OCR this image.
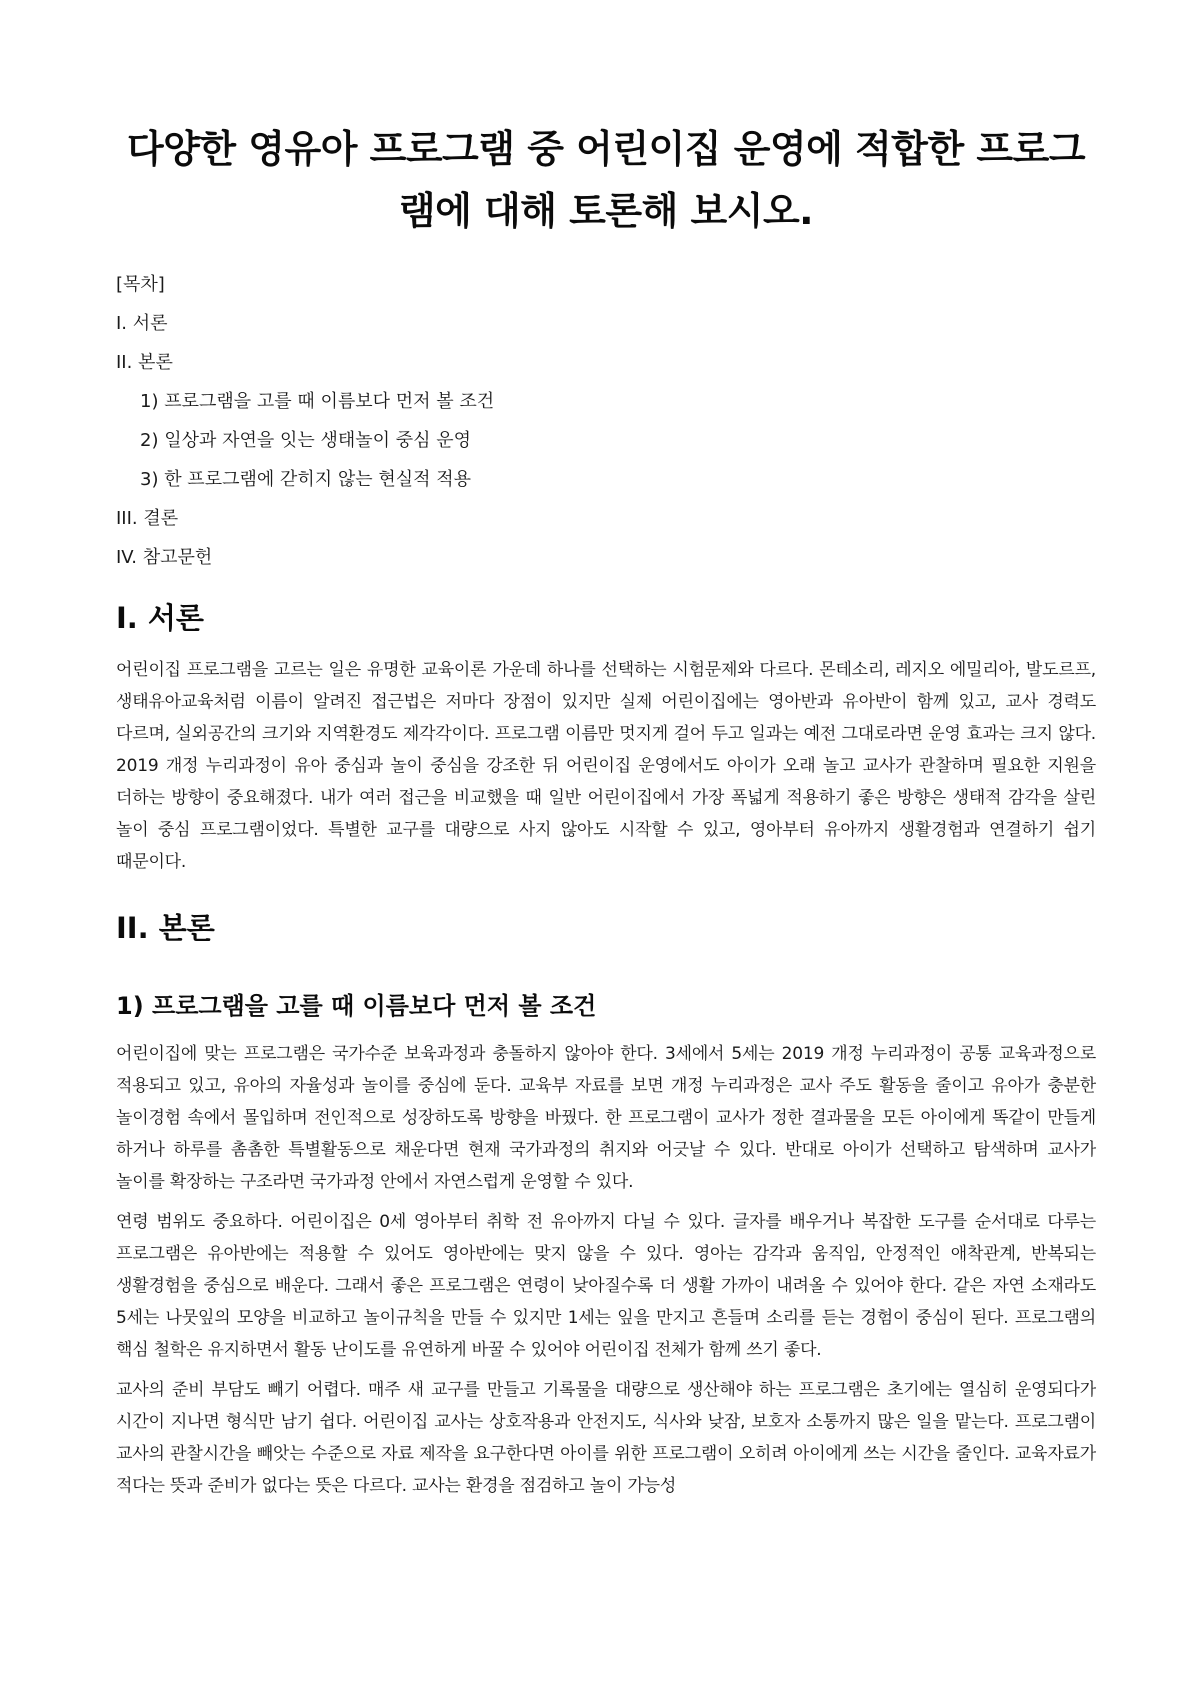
다양한 영유아 프로그램 중 어린이집 운영에 적합한 프로그램에 대해 토론해 보시오.
[목차]
I. 서론
II. 본론
1) 프로그램을 고를 때 이름보다 먼저 볼 조건
2) 일상과 자연을 잇는 생태놀이 중심 운영
3) 한 프로그램에 갇히지 않는 현실적 적용
III. 결론
IV. 참고문헌
I. 서론

어린이집 프로그램을 고르는 일은 유명한 교육이론 가운데 하나를 선택하는 시험문제와 다르다. 몬테소리, 레지오 에밀리아, 발도르프, 생태유아교육처럼 이름이 알려진 접근법은 저마다 장점이 있지만 실제 어린이집에는 영아반과 유아반이 함께 있고, 교사 경력도 다르며, 실외공간의 크기와 지역환경도 제각각이다. 프로그램 이름만 멋지게 걸어 두고 일과는 예전 그대로라면 운영 효과는 크지 않다. 2019 개정 누리과정이 유아 중심과 놀이 중심을 강조한 뒤 어린이집 운영에서도 아이가 오래 놀고 교사가 관찰하며 필요한 지원을 더하는 방향이 중요해졌다. 내가 여러 접근을 비교했을 때 일반 어린이집에서 가장 폭넓게 적용하기 좋은 방향은 생태적 감각을 살린 놀이 중심 프로그램이었다. 특별한 교구를 대량으로 사지 않아도 시작할 수 있고, 영아부터 유아까지 생활경험과 연결하기 쉽기 때문이다.

II. 본론
1) 프로그램을 고를 때 이름보다 먼저 볼 조건

어린이집에 맞는 프로그램은 국가수준 보육과정과 충돌하지 않아야 한다. 3세에서 5세는 2019 개정 누리과정이 공통 교육과정으로 적용되고 있고, 유아의 자율성과 놀이를 중심에 둔다. 교육부 자료를 보면 개정 누리과정은 교사 주도 활동을 줄이고 유아가 충분한 놀이경험 속에서 몰입하며 전인적으로 성장하도록 방향을 바꿨다. 한 프로그램이 교사가 정한 결과물을 모든 아이에게 똑같이 만들게 하거나 하루를 촘촘한 특별활동으로 채운다면 현재 국가과정의 취지와 어긋날 수 있다. 반대로 아이가 선택하고 탐색하며 교사가 놀이를 확장하는 구조라면 국가과정 안에서 자연스럽게 운영할 수 있다.

연령 범위도 중요하다. 어린이집은 0세 영아부터 취학 전 유아까지 다닐 수 있다. 글자를 배우거나 복잡한 도구를 순서대로 다루는 프로그램은 유아반에는 적용할 수 있어도 영아반에는 맞지 않을 수 있다. 영아는 감각과 움직임, 안정적인 애착관계, 반복되는 생활경험을 중심으로 배운다. 그래서 좋은 프로그램은 연령이 낮아질수록 더 생활 가까이 내려올 수 있어야 한다. 같은 자연 소재라도 5세는 나뭇잎의 모양을 비교하고 놀이규칙을 만들 수 있지만 1세는 잎을 만지고 흔들며 소리를 듣는 경험이 중심이 된다. 프로그램의 핵심 철학은 유지하면서 활동 난이도를 유연하게 바꿀 수 있어야 어린이집 전체가 함께 쓰기 좋다.

교사의 준비 부담도 빼기 어렵다. 매주 새 교구를 만들고 기록물을 대량으로 생산해야 하는 프로그램은 초기에는 열심히 운영되다가 시간이 지나면 형식만 남기 쉽다. 어린이집 교사는 상호작용과 안전지도, 식사와 낮잠, 보호자 소통까지 많은 일을 맡는다. 프로그램이 교사의 관찰시간을 빼앗는 수준으로 자료 제작을 요구한다면 아이를 위한 프로그램이 오히려 아이에게 쓰는 시간을 줄인다. 교육자료가 적다는 뜻과 준비가 없다는 뜻은 다르다. 교사는 환경을 점검하고 놀이 가능성
